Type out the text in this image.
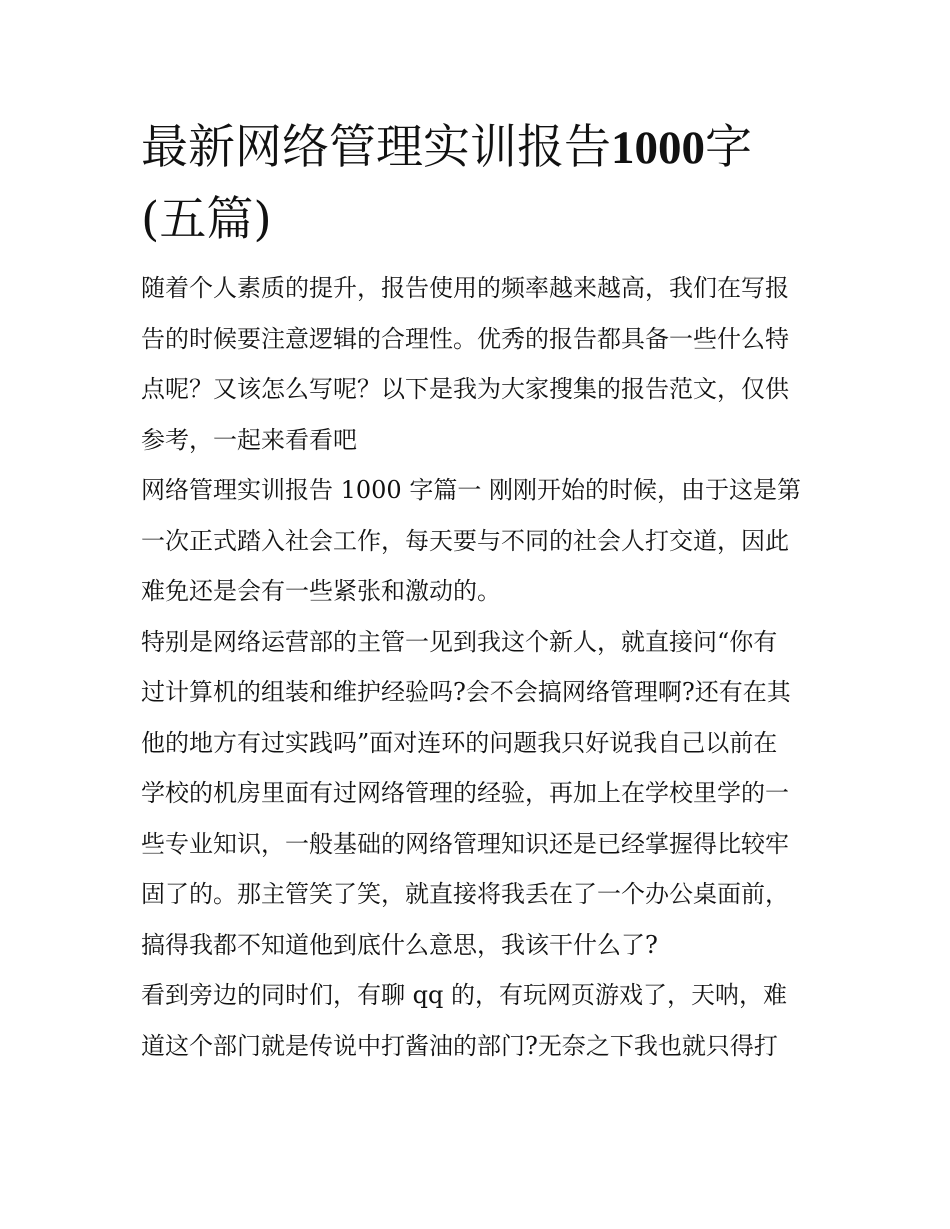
最新网络管理实训报告1000字
(五篇)

随着个人素质的提升，报告使用的频率越来越高，我们在写报
告的时候要注意逻辑的合理性。优秀的报告都具备一些什么特
点呢？又该怎么写呢？以下是我为大家搜集的报告范文，仅供
参考，一起来看看吧

网络管理实训报告 1000 字篇一 刚刚开始的时候，由于这是第
一次正式踏入社会工作，每天要与不同的社会人打交道，因此
难免还是会有一些紧张和激动的。

特别是网络运营部的主管一见到我这个新人，就直接问“你有
过计算机的组装和维护经验吗?会不会搞网络管理啊?还有在其
他的地方有过实践吗”面对连环的问题我只好说我自己以前在
学校的机房里面有过网络管理的经验，再加上在学校里学的一
些专业知识，一般基础的网络管理知识还是已经掌握得比较牢
固了的。那主管笑了笑，就直接将我丢在了一个办公桌面前，
搞得我都不知道他到底什么意思，我该干什么了?

看到旁边的同时们，有聊 qq 的，有玩网页游戏了，天呐，难
道这个部门就是传说中打酱油的部门?无奈之下我也就只得打
